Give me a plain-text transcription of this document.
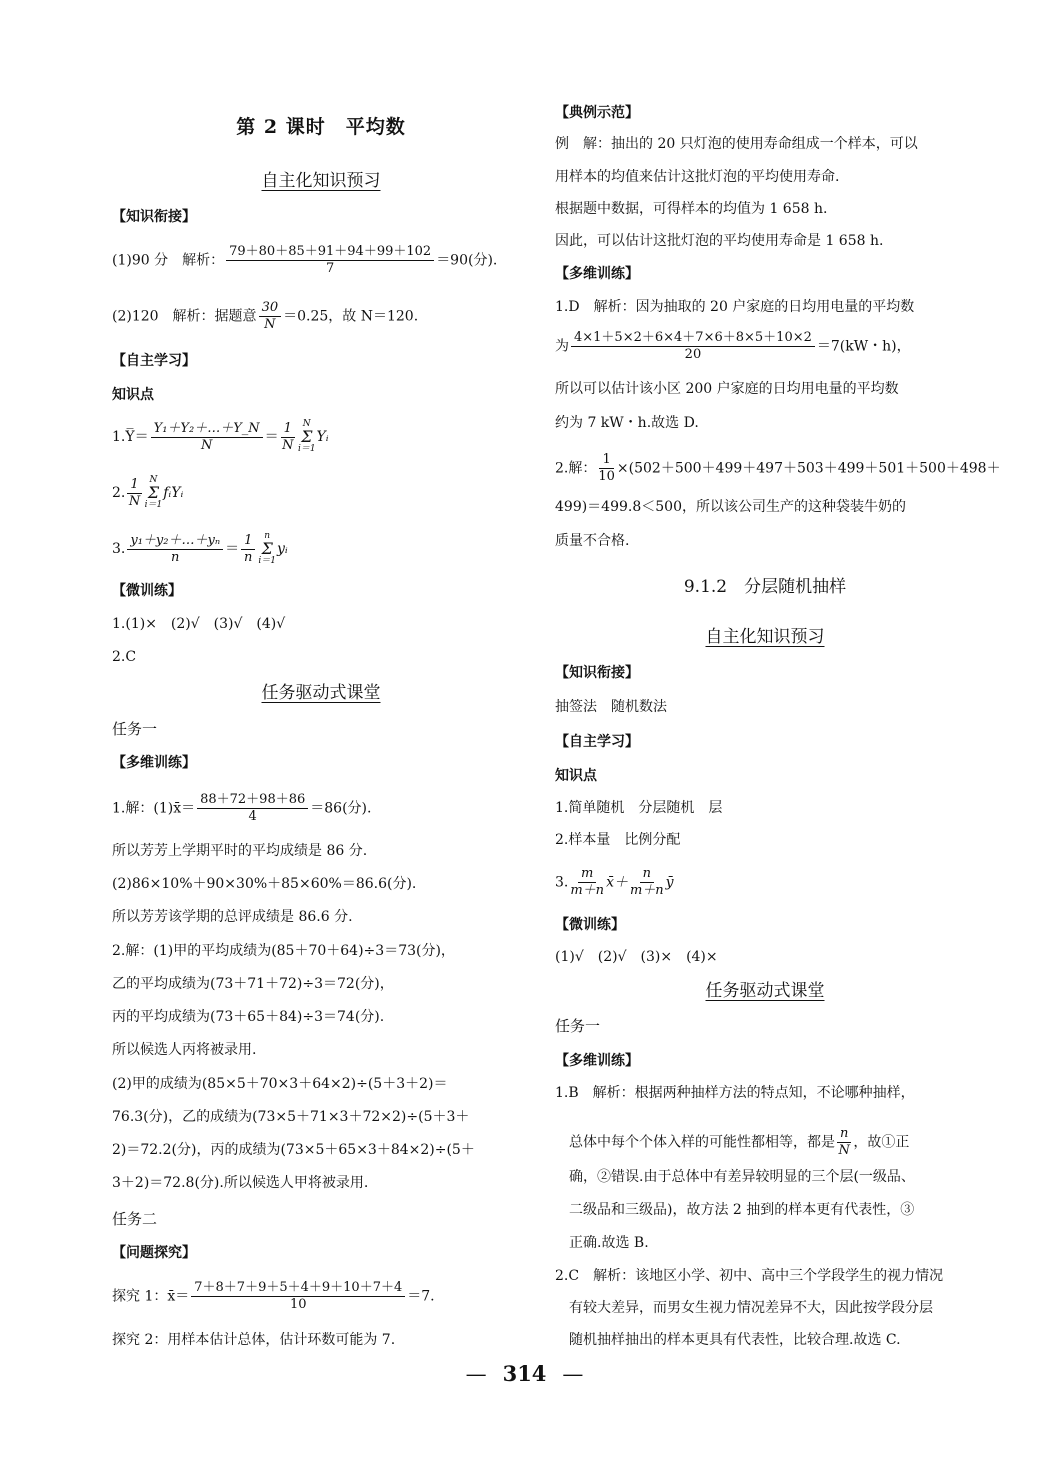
第 2 课时　平均数
自主化知识预习
【知识衔接】
(1)90 分　解析： $\frac{79+80+85+91+94+99+102}{7} =90$(分).
(2)120　解析：据题意 $\frac{30}{N} =0.25$，故 N＝120.
【自主学习】
知识点
1.Y̅＝ $\frac{\text{Y₁＋Y₂＋…＋Y\_N}}{N} = \frac{1}{N}$ N
Σ
i＝1
Yᵢ
2. $\frac{1}{N}$ N
Σ
i＝1
fᵢYᵢ
3. $\frac{\text{y₁＋y₂＋…＋yₙ}}{n} = \frac{1}{n}$ n
Σ
i＝1
yᵢ
【微训练】
1.(1)×　(2)√　(3)√　(4)√
2.C
任务驱动式课堂
任务一
【多维训练】
1.解：(1)x̄＝ $\frac{88+72+98+86}{4} =86$(分).
所以芳芳上学期平时的平均成绩是 86 分.
(2)86×10%＋90×30%＋85×60%＝86.6(分).
所以芳芳该学期的总评成绩是 86.6 分.
2.解：(1)甲的平均成绩为(85＋70＋64)÷3＝73(分)，
乙的平均成绩为(73＋71＋72)÷3＝72(分)，
丙的平均成绩为(73＋65＋84)÷3＝74(分).
所以候选人丙将被录用.
(2)甲的成绩为(85×5＋70×3＋64×2)÷(5＋3＋2)＝
76.3(分)，乙的成绩为(73×5＋71×3＋72×2)÷(5＋3＋
2)＝72.2(分)，丙的成绩为(73×5＋65×3＋84×2)÷(5＋
3＋2)＝72.8(分).所以候选人甲将被录用.
任务二
【问题探究】
探究 1：x̄＝ $\frac{7+8+7+9+5+4+9+10+7+4}{10} =7$.
探究 2：用样本估计总体，估计环数可能为 7.
【典例示范】
例　解：抽出的 20 只灯泡的使用寿命组成一个样本，可以
用样本的均值来估计这批灯泡的平均使用寿命.
根据题中数据，可得样本的均值为 1 658 h.
因此，可以估计这批灯泡的平均使用寿命是 1 658 h.
【多维训练】
1.D　解析：因为抽取的 20 户家庭的日均用电量的平均数
为 $\frac{4\times 1+5\times 2+6\times 4+7\times 6+8\times 5+10\times 2}{20} =7(kW$・h)，
所以可以估计该小区 200 户家庭的日均用电量的平均数
约为 7 kW・h.故选 D.
2.解： $\frac{1}{10} \times(502+500+499+497+503+499+501+500+498+$
499)＝499.8＜500，所以该公司生产的这种袋装牛奶的
质量不合格.
9.1.2　分层随机抽样
自主化知识预习
【知识衔接】
抽签法　随机数法
【自主学习】
知识点
1.简单随机　分层随机　层
2.样本量　比例分配
3. $\frac{m}{m+n}$ x̄＋ $\frac{n}{m+n}$ ȳ
【微训练】
(1)√　(2)√　(3)×　(4)×
任务驱动式课堂
任务一
【多维训练】
1.B　解析：根据两种抽样方法的特点知，不论哪种抽样，
总体中每个个体入样的可能性都相等，都是 $\frac{n}{N}$ ，故①正
确，②错误.由于总体中有差异较明显的三个层(一级品、
二级品和三级品)，故方法 2 抽到的样本更有代表性，③
正确.故选 B.
2.C　解析：该地区小学、初中、高中三个学段学生的视力情况
有较大差异，而男女生视力情况差异不大，因此按学段分层
随机抽样抽出的样本更具有代表性，比较合理.故选 C.
— 314 —
